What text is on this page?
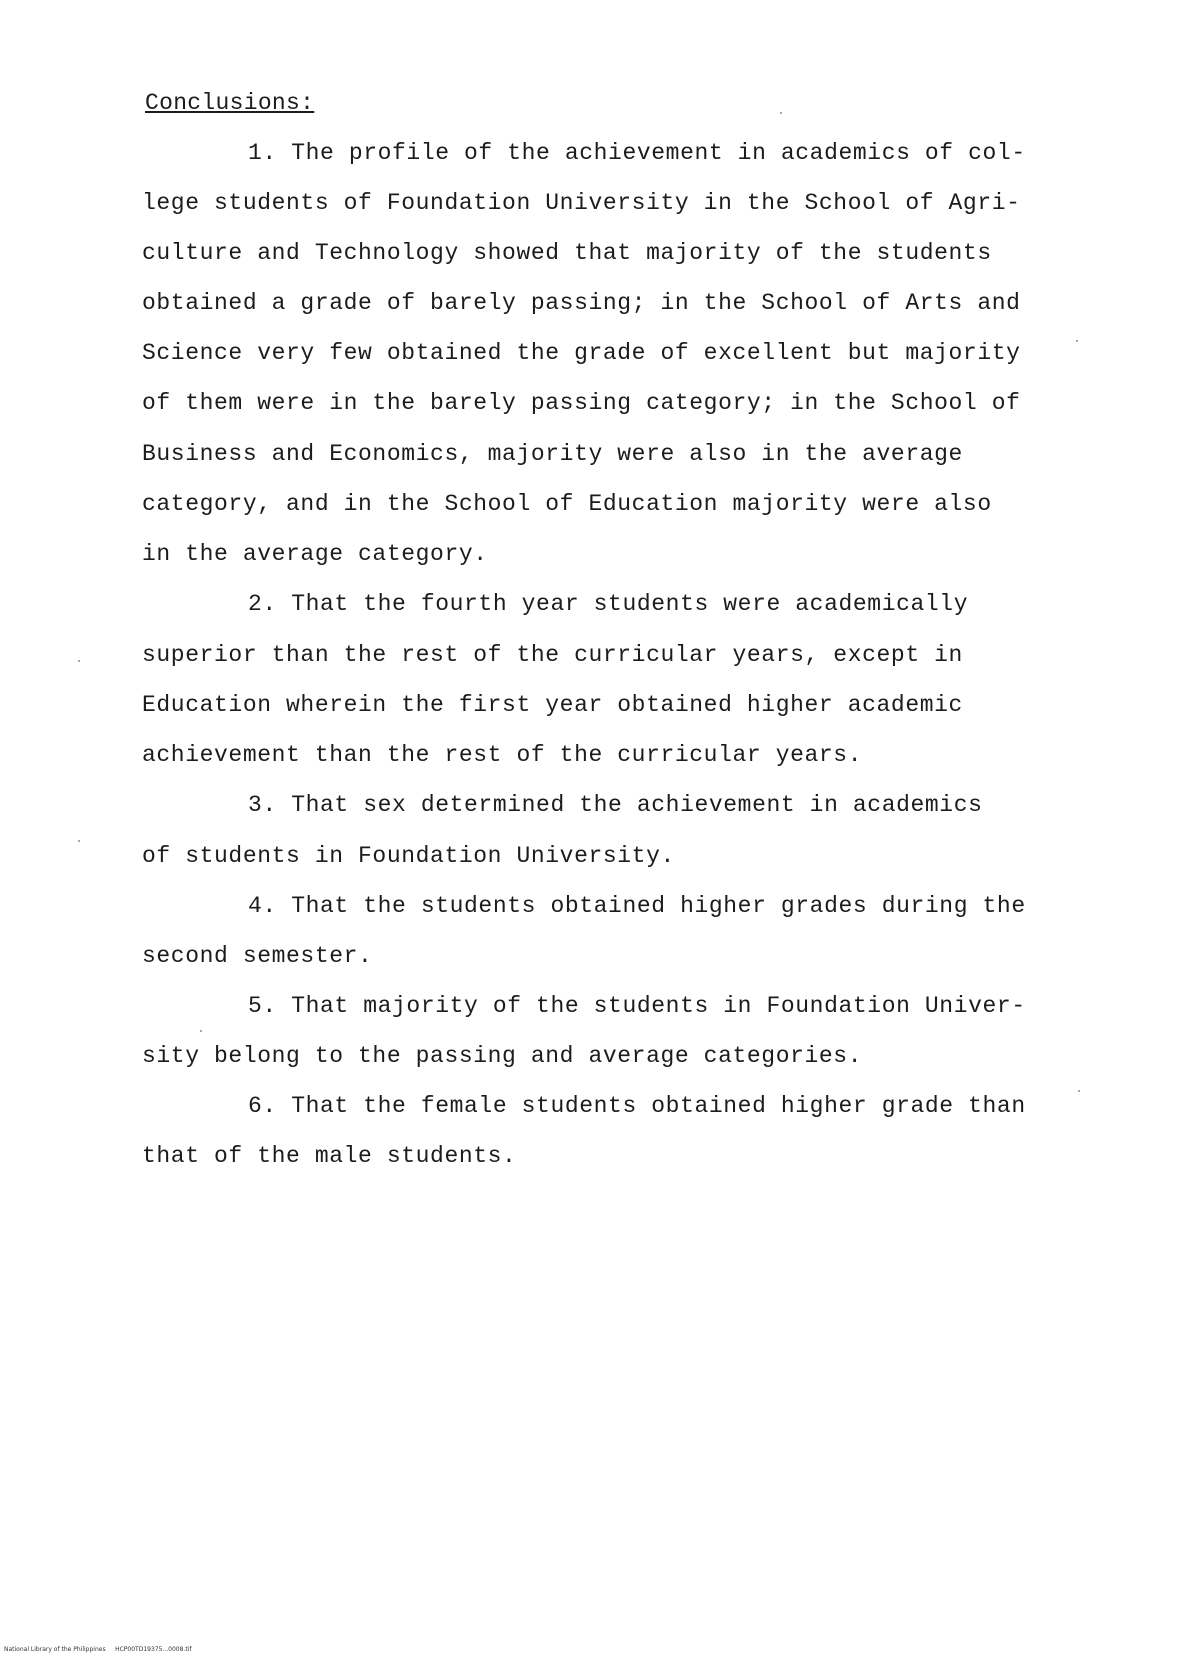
Conclusions:
1. The profile of the achievement in academics of col-
lege students of Foundation University in the School of Agri-
culture and Technology showed that majority of the students
obtained a grade of barely passing; in the School of Arts and
Science very few obtained the grade of excellent but majority
of them were in the barely passing category; in the School of
Business and Economics, majority were also in the average
category, and in the School of Education majority were also
in the average category.
2. That the fourth year students were academically
superior than the rest of the curricular years, except in
Education wherein the first year obtained higher academic
achievement than the rest of the curricular years.
3. That sex determined the achievement in academics
of students in Foundation University.
4. That the students obtained higher grades during the
second semester.
5. That majority of the students in Foundation Univer-
sity belong to the passing and average categories.
6. That the female students obtained higher grade than
that of the male students.
National Library of the Philippines     HCP00TD19375...0008.tif
